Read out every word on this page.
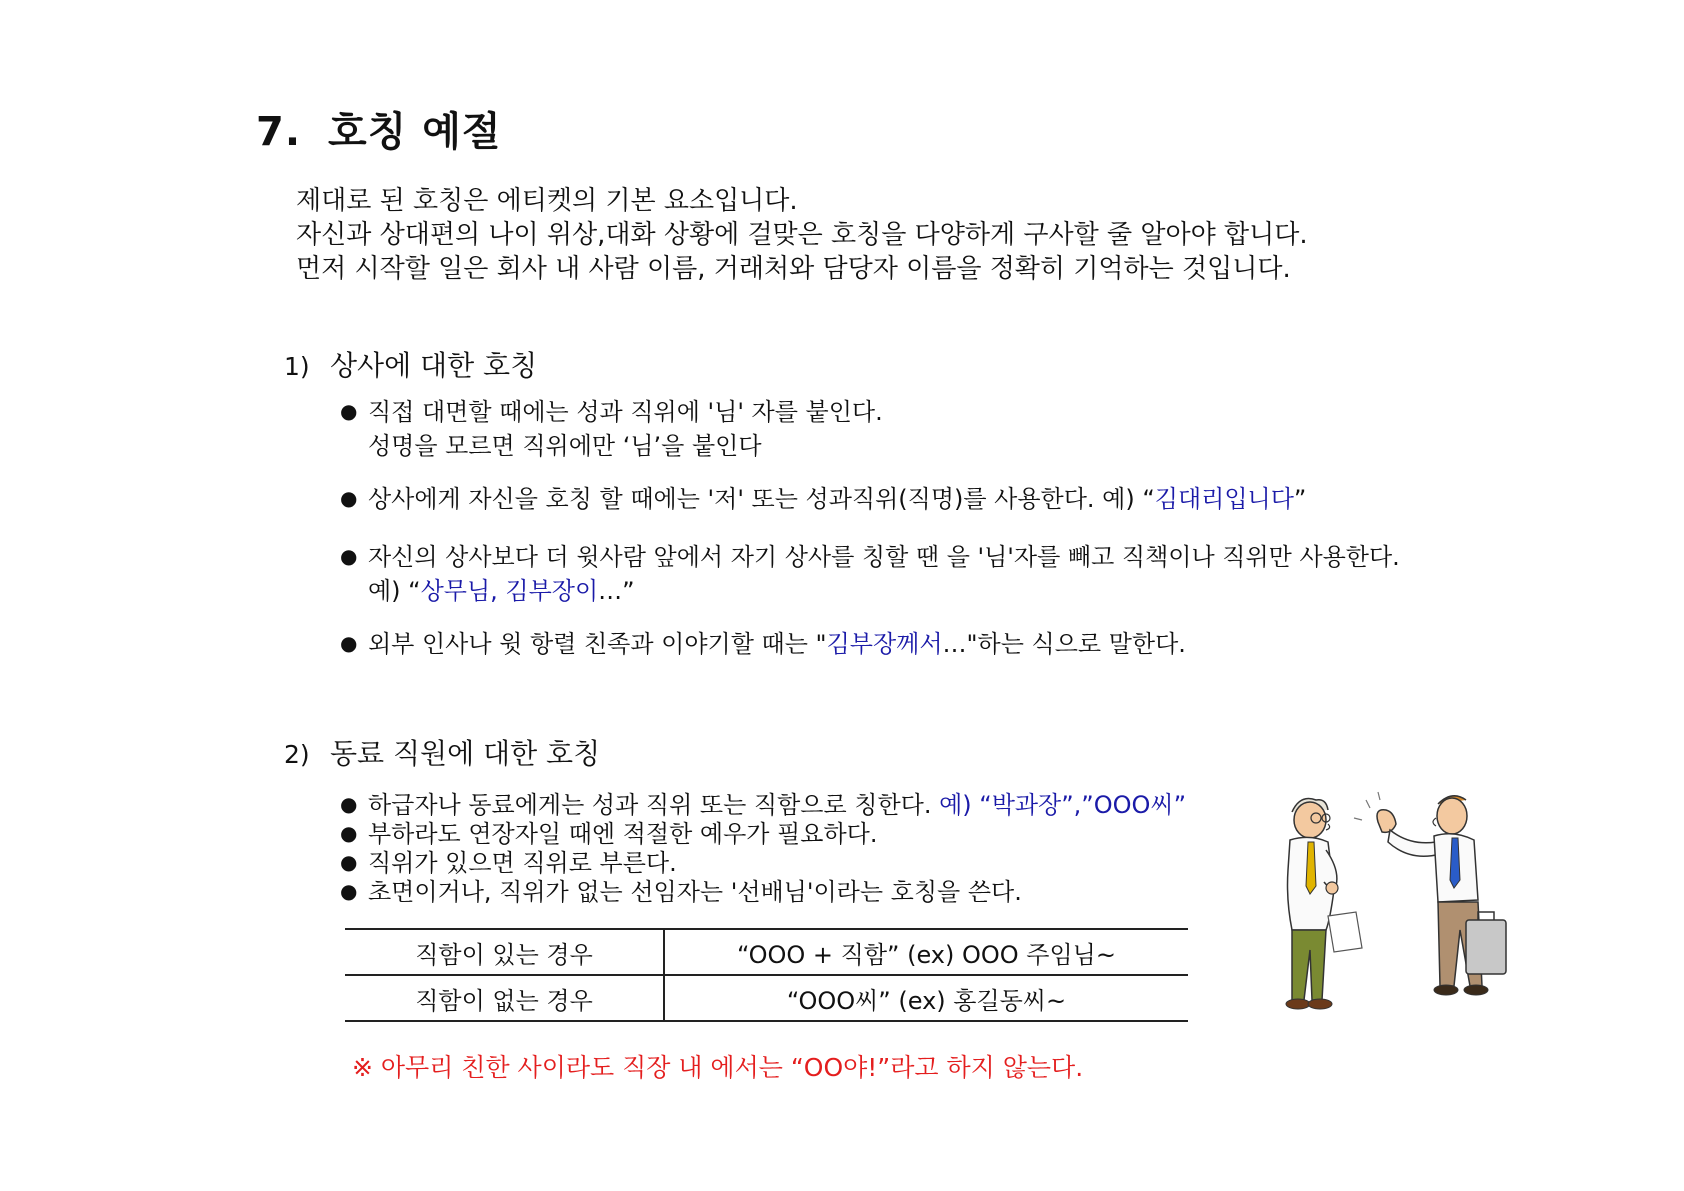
7. 호칭 예절
제대로 된 호칭은 에티켓의 기본 요소입니다.
자신과 상대편의 나이 위상,대화 상황에 걸맞은 호칭을 다양하게 구사할 줄 알아야 합니다.
먼저 시작할 일은 회사 내 사람 이름, 거래처와 담당자 이름을 정확히 기억하는 것입니다.
1) 상사에 대한 호칭
● 직접 대면할 때에는 성과 직위에 '님' 자를 붙인다.
성명을 모르면 직위에만 ‘님’을 붙인다
● 상사에게 자신을 호칭 할 때에는 '저' 또는 성과직위(직명)를 사용한다. 예) “김대리입니다”
● 자신의 상사보다 더 윗사람 앞에서 자기 상사를 칭할 땐 을 '님'자를 빼고 직책이나 직위만 사용한다.
예) “상무님, 김부장이…”
● 외부 인사나 윗 항렬 친족과 이야기할 때는 "김부장께서…"하는 식으로 말한다.
2) 동료 직원에 대한 호칭
● 하급자나 동료에게는 성과 직위 또는 직함으로 칭한다. 예) “박과장”,”OOO씨”
● 부하라도 연장자일 때엔 적절한 예우가 필요하다.
● 직위가 있으면 직위로 부른다.
● 초면이거나, 직위가 없는 선임자는 '선배님'이라는 호칭을 쓴다.
직함이 있는 경우	“OOO + 직함” (ex) OOO 주임님~
직함이 없는 경우	“OOO씨” (ex) 홍길동씨~
※ 아무리 친한 사이라도 직장 내 에서는 “OO야!”라고 하지 않는다.
